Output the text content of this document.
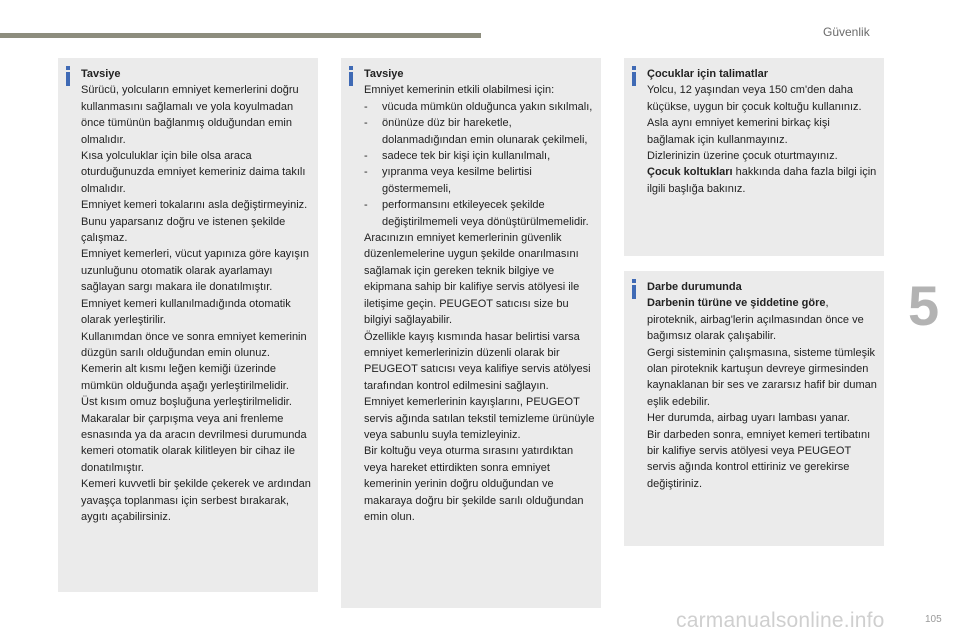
Güvenlik
5
105
carmanualsonline.info
Tavsiye

Sürücü, yolcuların emniyet kemerlerini doğru kullanmasını sağlamalı ve yola koyulmadan önce tümünün bağlanmış olduğundan emin olmalıdır.

Kısa yolculuklar için bile olsa araca oturduğunuzda emniyet kemeriniz daima takılı olmalıdır.

Emniyet kemeri tokalarını asla değiştirmeyiniz. Bunu yaparsanız doğru ve istenen şekilde çalışmaz.

Emniyet kemerleri, vücut yapınıza göre kayışın uzunluğunu otomatik olarak ayarlamayı sağlayan sargı makara ile donatılmıştır. Emniyet kemeri kullanılmadığında otomatik olarak yerleştirilir.

Kullanımdan önce ve sonra emniyet kemerinin düzgün sarılı olduğundan emin olunuz.

Kemerin alt kısmı leğen kemiği üzerinde mümkün olduğunda aşağı yerleştirilmelidir.

Üst kısım omuz boşluğuna yerleştirilmelidir.

Makaralar bir çarpışma veya ani frenleme esnasında ya da aracın devrilmesi durumunda kemeri otomatik olarak kilitleyen bir cihaz ile donatılmıştır.

Kemeri kuvvetli bir şekilde çekerek ve ardından yavaşça toplanması için serbest bırakarak, aygıtı açabilirsiniz.

Tavsiye

Emniyet kemerinin etkili olabilmesi için:

-	vücuda mümkün olduğunca yakın sıkılmalı,
-	önünüze düz bir hareketle, dolanmadığından emin olunarak çekilmeli,
-	sadece tek bir kişi için kullanılmalı,
-	yıpranma veya kesilme belirtisi göstermemeli,
-	performansını etkileyecek şekilde değiştirilmemeli veya dönüştürülmemelidir.

Aracınızın emniyet kemerlerinin güvenlik düzenlemelerine uygun şekilde onarılmasını sağlamak için gereken teknik bilgiye ve ekipmana sahip bir kalifiye servis atölyesi ile iletişime geçin. PEUGEOT satıcısı size bu bilgiyi sağlayabilir.

Özellikle kayış kısmında hasar belirtisi varsa emniyet kemerlerinizin düzenli olarak bir PEUGEOT satıcısı veya kalifiye servis atölyesi tarafından kontrol edilmesini sağlayın.

Emniyet kemerlerinin kayışlarını, PEUGEOT servis ağında satılan tekstil temizleme ürünüyle veya sabunlu suyla temizleyiniz.

Bir koltuğu veya oturma sırasını yatırdıktan veya hareket ettirdikten sonra emniyet kemerinin yerinin doğru olduğundan ve makaraya doğru bir şekilde sarılı olduğundan emin olun.

Çocuklar için talimatlar

Yolcu, 12 yaşından veya 150 cm'den daha küçükse, uygun bir çocuk koltuğu kullanınız.

Asla aynı emniyet kemerini birkaç kişi bağlamak için kullanmayınız.

Dizlerinizin üzerine çocuk oturtmayınız.

Çocuk koltukları hakkında daha fazla bilgi için ilgili başlığa bakınız.

Darbe durumunda

Darbenin türüne ve şiddetine göre,

piroteknik, airbag'lerin açılmasından önce ve bağımsız olarak çalışabilir.

Gergi sisteminin çalışmasına, sisteme tümleşik olan piroteknik kartuşun devreye girmesinden kaynaklanan bir ses ve zararsız hafif bir duman eşlik edebilir.

Her durumda, airbag uyarı lambası yanar.

Bir darbeden sonra, emniyet kemeri tertibatını bir kalifiye servis atölyesi veya PEUGEOT servis ağında kontrol ettiriniz ve gerekirse değiştiriniz.
